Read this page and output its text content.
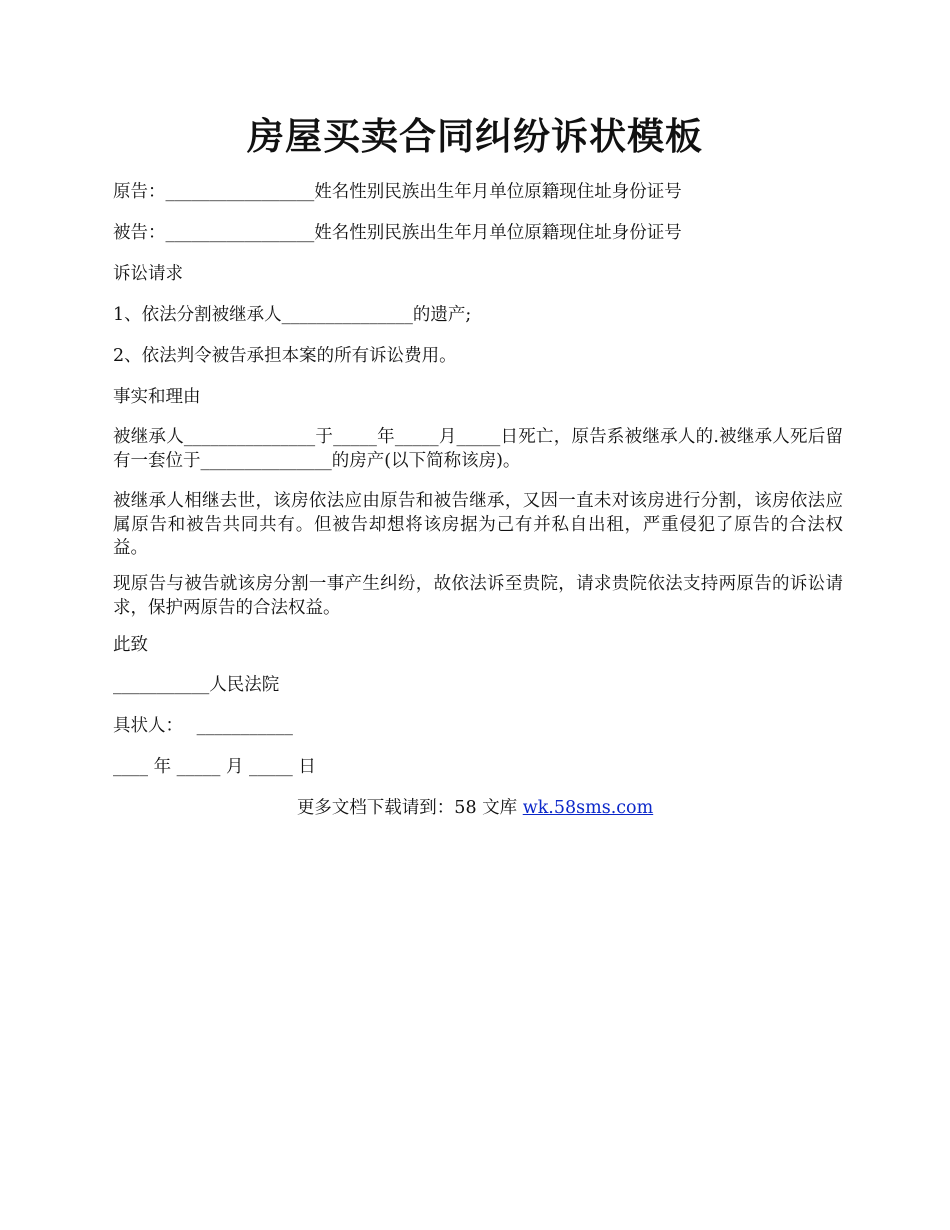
房屋买卖合同纠纷诉状模板
原告：_________________姓名性别民族出生年月单位原籍现住址身份证号
被告：_________________姓名性别民族出生年月单位原籍现住址身份证号
诉讼请求
1、依法分割被继承人_______________的遗产;
2、依法判令被告承担本案的所有诉讼费用。
事实和理由
被继承人_______________于_____年_____月_____日死亡，原告系被继承人的.被继承人死后留有一套位于_______________的房产(以下简称该房)。
被继承人相继去世，该房依法应由原告和被告继承，又因一直未对该房进行分割，该房依法应属原告和被告共同共有。但被告却想将该房据为己有并私自出租，严重侵犯了原告的合法权益。
现原告与被告就该房分割一事产生纠纷，故依法诉至贵院，请求贵院依法支持两原告的诉讼请求，保护两原告的合法权益。
此致
___________人民法院
具状人： ___________
____ 年 _____ 月 _____ 日
更多文档下载请到：58 文库 wk.58sms.com
